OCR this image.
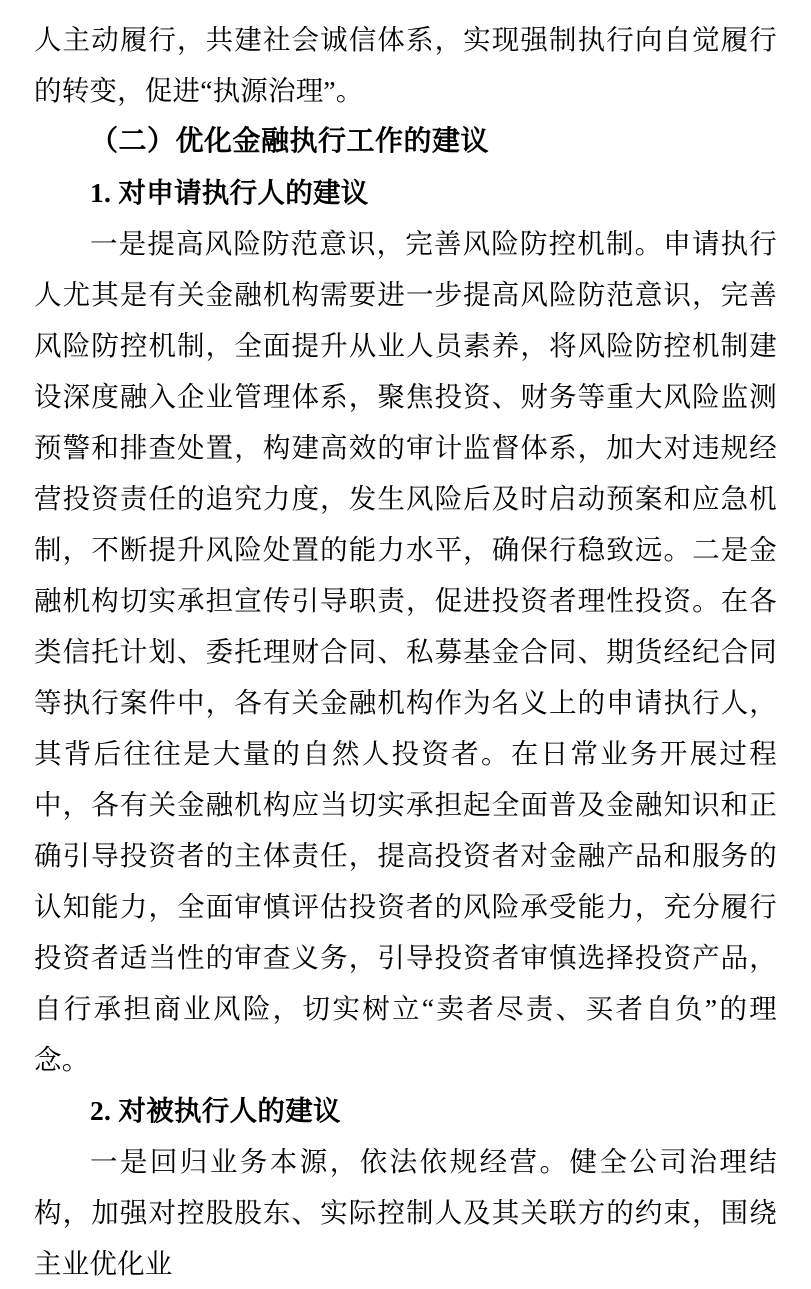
人主动履行，共建社会诚信体系，实现强制执行向自觉履行的转变，促进“执源治理”。

（二）优化金融执行工作的建议

1. 对申请执行人的建议

一是提高风险防范意识，完善风险防控机制。申请执行人尤其是有关金融机构需要进一步提高风险防范意识，完善风险防控机制，全面提升从业人员素养，将风险防控机制建设深度融入企业管理体系，聚焦投资、财务等重大风险监测预警和排查处置，构建高效的审计监督体系，加大对违规经营投资责任的追究力度，发生风险后及时启动预案和应急机制，不断提升风险处置的能力水平，确保行稳致远。二是金融机构切实承担宣传引导职责，促进投资者理性投资。在各类信托计划、委托理财合同、私募基金合同、期货经纪合同等执行案件中，各有关金融机构作为名义上的申请执行人，其背后往往是大量的自然人投资者。在日常业务开展过程中，各有关金融机构应当切实承担起全面普及金融知识和正确引导投资者的主体责任，提高投资者对金融产品和服务的认知能力，全面审慎评估投资者的风险承受能力，充分履行投资者适当性的审查义务，引导投资者审慎选择投资产品，自行承担商业风险，切实树立“卖者尽责、买者自负”的理念。

2. 对被执行人的建议

一是回归业务本源，依法依规经营。健全公司治理结构，加强对控股股东、实际控制人及其关联方的约束，围绕主业优化业
